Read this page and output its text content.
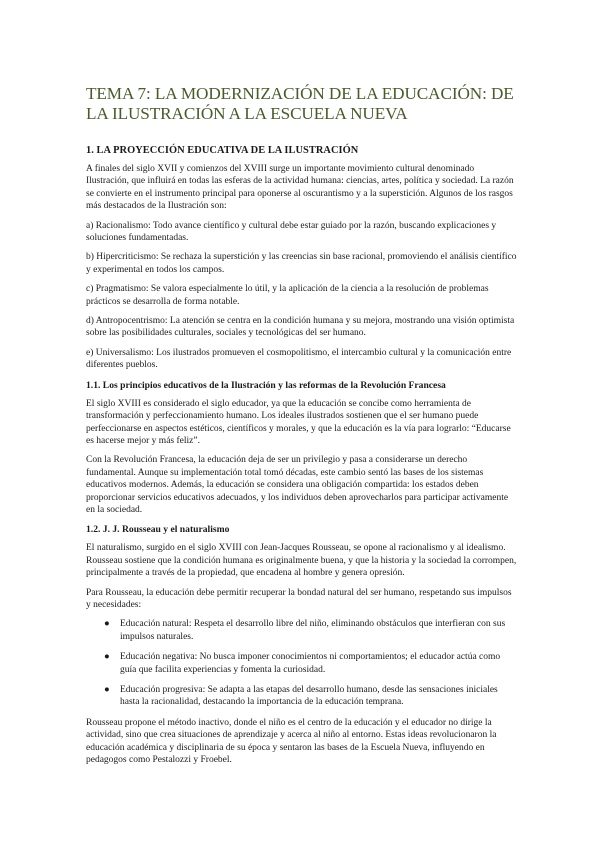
TEMA 7: LA MODERNIZACIÓN DE LA EDUCACIÓN: DE LA ILUSTRACIÓN A LA ESCUELA NUEVA
1. LA PROYECCIÓN EDUCATIVA DE LA ILUSTRACIÓN

A finales del siglo XVII y comienzos del XVIII surge un importante movimiento cultural denominado Ilustración, que influirá en todas las esferas de la actividad humana: ciencias, artes, política y sociedad. La razón se convierte en el instrumento principal para oponerse al oscurantismo y a la superstición. Algunos de los rasgos más destacados de la Ilustración son:

a) Racionalismo: Todo avance científico y cultural debe estar guiado por la razón, buscando explicaciones y soluciones fundamentadas.

b) Hipercriticismo: Se rechaza la superstición y las creencias sin base racional, promoviendo el análisis científico y experimental en todos los campos.

c) Pragmatismo: Se valora especialmente lo útil, y la aplicación de la ciencia a la resolución de problemas prácticos se desarrolla de forma notable.

d) Antropocentrismo: La atención se centra en la condición humana y su mejora, mostrando una visión optimista sobre las posibilidades culturales, sociales y tecnológicas del ser humano.

e) Universalismo: Los ilustrados promueven el cosmopolitismo, el intercambio cultural y la comunicación entre diferentes pueblos.

1.1. Los principios educativos de la Ilustración y las reformas de la Revolución Francesa

El siglo XVIII es considerado el siglo educador, ya que la educación se concibe como herramienta de transformación y perfeccionamiento humano. Los ideales ilustrados sostienen que el ser humano puede perfeccionarse en aspectos estéticos, científicos y morales, y que la educación es la vía para lograrlo: “Educarse es hacerse mejor y más feliz”.

Con la Revolución Francesa, la educación deja de ser un privilegio y pasa a considerarse un derecho fundamental. Aunque su implementación total tomó décadas, este cambio sentó las bases de los sistemas educativos modernos. Además, la educación se considera una obligación compartida: los estados deben proporcionar servicios educativos adecuados, y los individuos deben aprovecharlos para participar activamente en la sociedad.

1.2. J. J. Rousseau y el naturalismo

El naturalismo, surgido en el siglo XVIII con Jean-Jacques Rousseau, se opone al racionalismo y al idealismo. Rousseau sostiene que la condición humana es originalmente buena, y que la historia y la sociedad la corrompen, principalmente a través de la propiedad, que encadena al hombre y genera opresión.

Para Rousseau, la educación debe permitir recuperar la bondad natural del ser humano, respetando sus impulsos y necesidades:

● Educación natural: Respeta el desarrollo libre del niño, eliminando obstáculos que interfieran con sus impulsos naturales.
● Educación negativa: No busca imponer conocimientos ni comportamientos; el educador actúa como guía que facilita experiencias y fomenta la curiosidad.
● Educación progresiva: Se adapta a las etapas del desarrollo humano, desde las sensaciones iniciales hasta la racionalidad, destacando la importancia de la educación temprana.

Rousseau propone el método inactivo, donde el niño es el centro de la educación y el educador no dirige la actividad, sino que crea situaciones de aprendizaje y acerca al niño al entorno. Estas ideas revolucionaron la educación académica y disciplinaria de su época y sentaron las bases de la Escuela Nueva, influyendo en pedagogos como Pestalozzi y Froebel.
